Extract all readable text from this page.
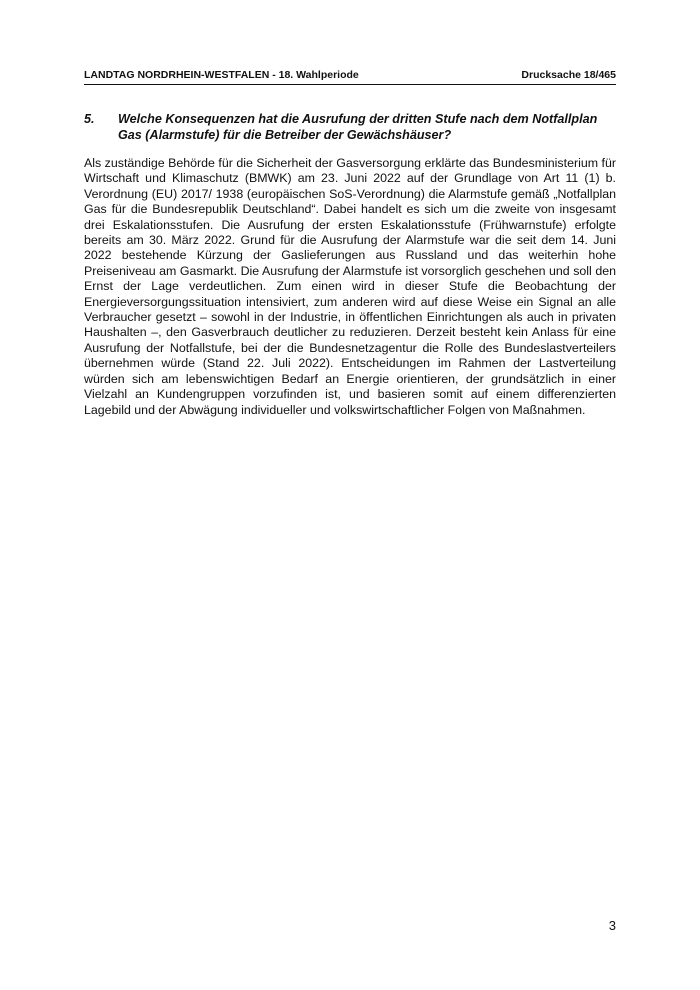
LANDTAG NORDRHEIN-WESTFALEN - 18. Wahlperiode	Drucksache 18/465
5. Welche Konsequenzen hat die Ausrufung der dritten Stufe nach dem Notfallplan Gas (Alarmstufe) für die Betreiber der Gewächshäuser?

Als zuständige Behörde für die Sicherheit der Gasversorgung erklärte das Bundesministerium für Wirtschaft und Klimaschutz (BMWK) am 23. Juni 2022 auf der Grundlage von Art 11 (1) b. Verordnung (EU) 2017/ 1938 (europäischen SoS-Verordnung) die Alarmstufe gemäß „Notfallplan Gas für die Bundesrepublik Deutschland“. Dabei handelt es sich um die zweite von insgesamt drei Eskalationsstufen. Die Ausrufung der ersten Eskalationsstufe (Frühwarnstufe) erfolgte bereits am 30. März 2022. Grund für die Ausrufung der Alarmstufe war die seit dem 14. Juni 2022 bestehende Kürzung der Gaslieferungen aus Russland und das weiterhin hohe Preiseniveau am Gasmarkt. Die Ausrufung der Alarmstufe ist vorsorglich geschehen und soll den Ernst der Lage verdeutlichen. Zum einen wird in dieser Stufe die Beobachtung der Energieversorgungssituation intensiviert, zum anderen wird auf diese Weise ein Signal an alle Verbraucher gesetzt – sowohl in der Industrie, in öffentlichen Einrichtungen als auch in privaten Haushalten –, den Gasverbrauch deutlicher zu reduzieren. Derzeit besteht kein Anlass für eine Ausrufung der Notfallstufe, bei der die Bundesnetzagentur die Rolle des Bundeslastverteilers übernehmen würde (Stand 22. Juli 2022). Entscheidungen im Rahmen der Lastverteilung würden sich am lebenswichtigen Bedarf an Energie orientieren, der grundsätzlich in einer Vielzahl an Kundengruppen vorzufinden ist, und basieren somit auf einem differenzierten Lagebild und der Abwägung individueller und volkswirtschaftlicher Folgen von Maßnahmen.

3
